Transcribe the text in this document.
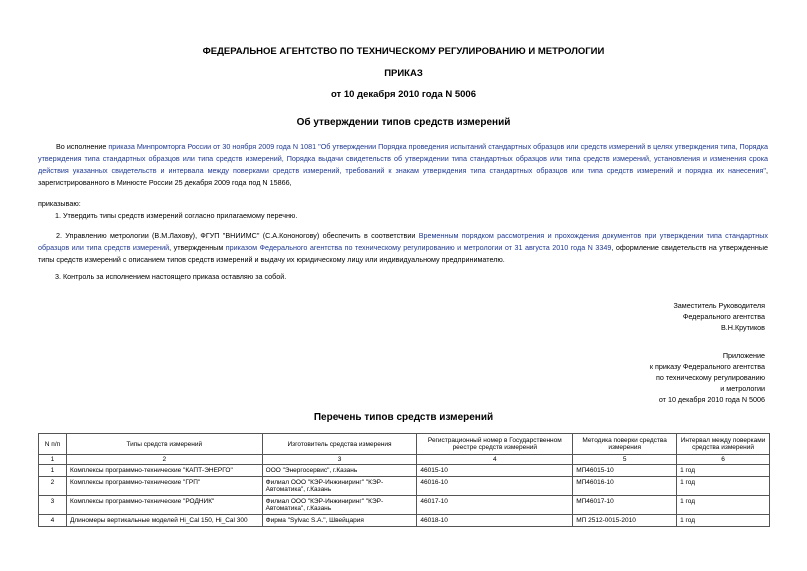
ФЕДЕРАЛЬНОЕ АГЕНТСТВО ПО ТЕХНИЧЕСКОМУ РЕГУЛИРОВАНИЮ И МЕТРОЛОГИИ
ПРИКАЗ
от 10 декабря 2010 года N 5006
Об утверждении типов средств измерений
Во исполнение приказа Минпромторга России от 30 ноября 2009 года N 1081 "Об утверждении Порядка проведения испытаний стандартных образцов или средств измерений в целях утверждения типа, Порядка утверждения типа стандартных образцов или типа средств измерений, Порядка выдачи свидетельств об утверждении типа стандартных образцов или типа средств измерений, установления и изменения срока действия указанных свидетельств и интервала между поверками средств измерений, требований к знакам утверждения типа стандартных образцов или типа средств измерений и порядка их нанесения", зарегистрированного в Минюсте России 25 декабря 2009 года под N 15866,
приказываю:
1. Утвердить типы средств измерений согласно прилагаемому перечню.
2. Управлению метрологии (В.М.Лахову), ФГУП "ВНИИМС" (С.А.Кононогову) обеспечить в соответствии Временным порядком рассмотрения и прохождения документов при утверждении типа стандартных образцов или типа средств измерений, утвержденным приказом Федерального агентства по техническому регулированию и метрологии от 31 августа 2010 года N 3349, оформление свидетельств на утвержденные типы средств измерений с описанием типов средств измерений и выдачу их юридическому лицу или индивидуальному предпринимателю.
3. Контроль за исполнением настоящего приказа оставляю за собой.
Заместитель Руководителя
Федерального агентства
В.Н.Крутиков
Приложение
к приказу Федерального агентства
по техническому регулированию
и метрологии
от 10 декабря 2010 года N 5006
Перечень типов средств измерений
N п/п	Типы средств измерений	Изготовитель средства измерения	Регистрационный номер в Государственном реестре средств измерений	Методика поверки средства измерения	Интервал между поверками средства измерений
1	2	3	4	5	6
1	Комплексы программно-технические "КАПТ-ЭНЕРГО"	ООО "Энергосервис", г.Казань	46015-10	МП46015-10	1 год
2	Комплексы программно-технические "ГРП"	Филиал ООО "КЭР-Инжиниринг" "КЭР-Автоматика", г.Казань	46016-10	МП46016-10	1 год
3	Комплексы программно-технические "РОДНИК"	Филиал ООО "КЭР-Инжиниринг" "КЭР-Автоматика", г.Казань	46017-10	МП46017-10	1 год
4	Длиномеры вертикальные моделей Hi_Cal 150, Hi_Cal 300	Фирма "Sylvac S.A.", Швейцария	46018-10	МП 2512-0015-2010	1 год
